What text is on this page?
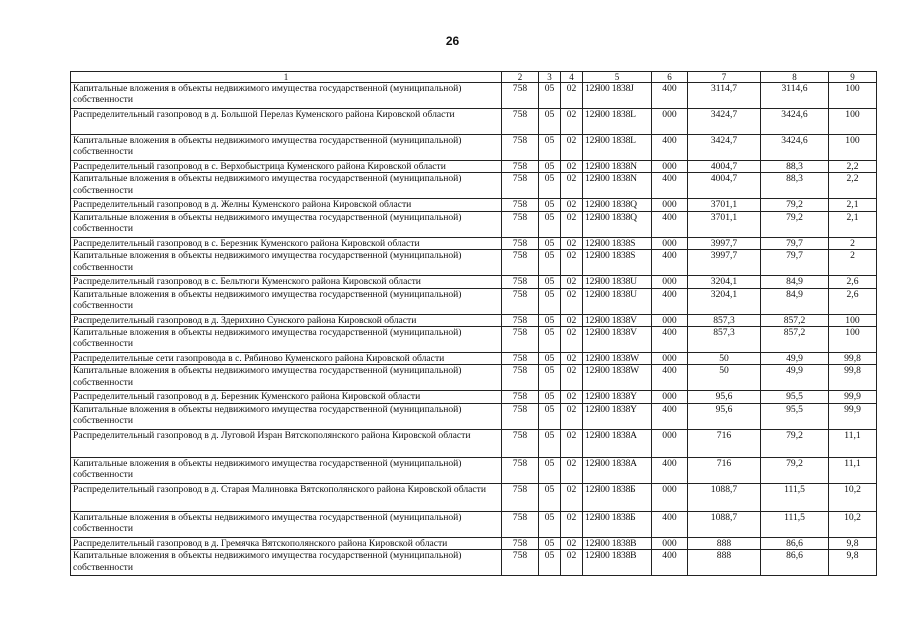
26
1	2	3	4	5	6	7	8	9
Капитальные вложения в объекты недвижимого имущества государственной (муниципальной) собственности	758	05	02	12Я00 1838J	400	3114,7	3114,6	100
Распределительный газопровод в д. Большой Перелаз Куменского района Кировской области	758	05	02	12Я00 1838L	000	3424,7	3424,6	100
Капитальные вложения в объекты недвижимого имущества государственной (муниципальной) собственности	758	05	02	12Я00 1838L	400	3424,7	3424,6	100
Распределительный газопровод в с. Верхобыстрица Куменского района Кировской области	758	05	02	12Я00 1838N	000	4004,7	88,3	2,2
Капитальные вложения в объекты недвижимого имущества государственной (муниципальной) собственности	758	05	02	12Я00 1838N	400	4004,7	88,3	2,2
Распределительный газопровод в д. Желны Куменского района Кировской области	758	05	02	12Я00 1838Q	000	3701,1	79,2	2,1
Капитальные вложения в объекты недвижимого имущества государственной (муниципальной) собственности	758	05	02	12Я00 1838Q	400	3701,1	79,2	2,1
Распределительный газопровод в с. Березник Куменского района Кировской области	758	05	02	12Я00 1838S	000	3997,7	79,7	2
Капитальные вложения в объекты недвижимого имущества государственной (муниципальной) собственности	758	05	02	12Я00 1838S	400	3997,7	79,7	2
Распределительный газопровод в с. Бельтюги Куменского района Кировской области	758	05	02	12Я00 1838U	000	3204,1	84,9	2,6
Капитальные вложения в объекты недвижимого имущества государственной (муниципальной) собственности	758	05	02	12Я00 1838U	400	3204,1	84,9	2,6
Распределительный газопровод в д. Здерихино Сунского района Кировской области	758	05	02	12Я00 1838V	000	857,3	857,2	100
Капитальные вложения в объекты недвижимого имущества государственной (муниципальной) собственности	758	05	02	12Я00 1838V	400	857,3	857,2	100
Распределительные сети газопровода в с. Рябиново Куменского района Кировской области	758	05	02	12Я00 1838W	000	50	49,9	99,8
Капитальные вложения в объекты недвижимого имущества государственной (муниципальной) собственности	758	05	02	12Я00 1838W	400	50	49,9	99,8
Распределительный газопровод в д. Березник Куменского района Кировской области	758	05	02	12Я00 1838Y	000	95,6	95,5	99,9
Капитальные вложения в объекты недвижимого имущества государственной (муниципальной) собственности	758	05	02	12Я00 1838Y	400	95,6	95,5	99,9
Распределительный газопровод в д. Луговой Изран Вятскополянского района Кировской области	758	05	02	12Я00 1838A	000	716	79,2	11,1
Капитальные вложения в объекты недвижимого имущества государственной (муниципальной) собственности	758	05	02	12Я00 1838A	400	716	79,2	11,1
Распределительный газопровод в д. Старая Малиновка Вятскополянского района Кировской области	758	05	02	12Я00 1838Б	000	1088,7	111,5	10,2
Капитальные вложения в объекты недвижимого имущества государственной (муниципальной) собственности	758	05	02	12Я00 1838Б	400	1088,7	111,5	10,2
Распределительный газопровод в д. Гремячка Вятскополянского района Кировской области	758	05	02	12Я00 1838В	000	888	86,6	9,8
Капитальные вложения в объекты недвижимого имущества государственной (муниципальной) собственности	758	05	02	12Я00 1838В	400	888	86,6	9,8
